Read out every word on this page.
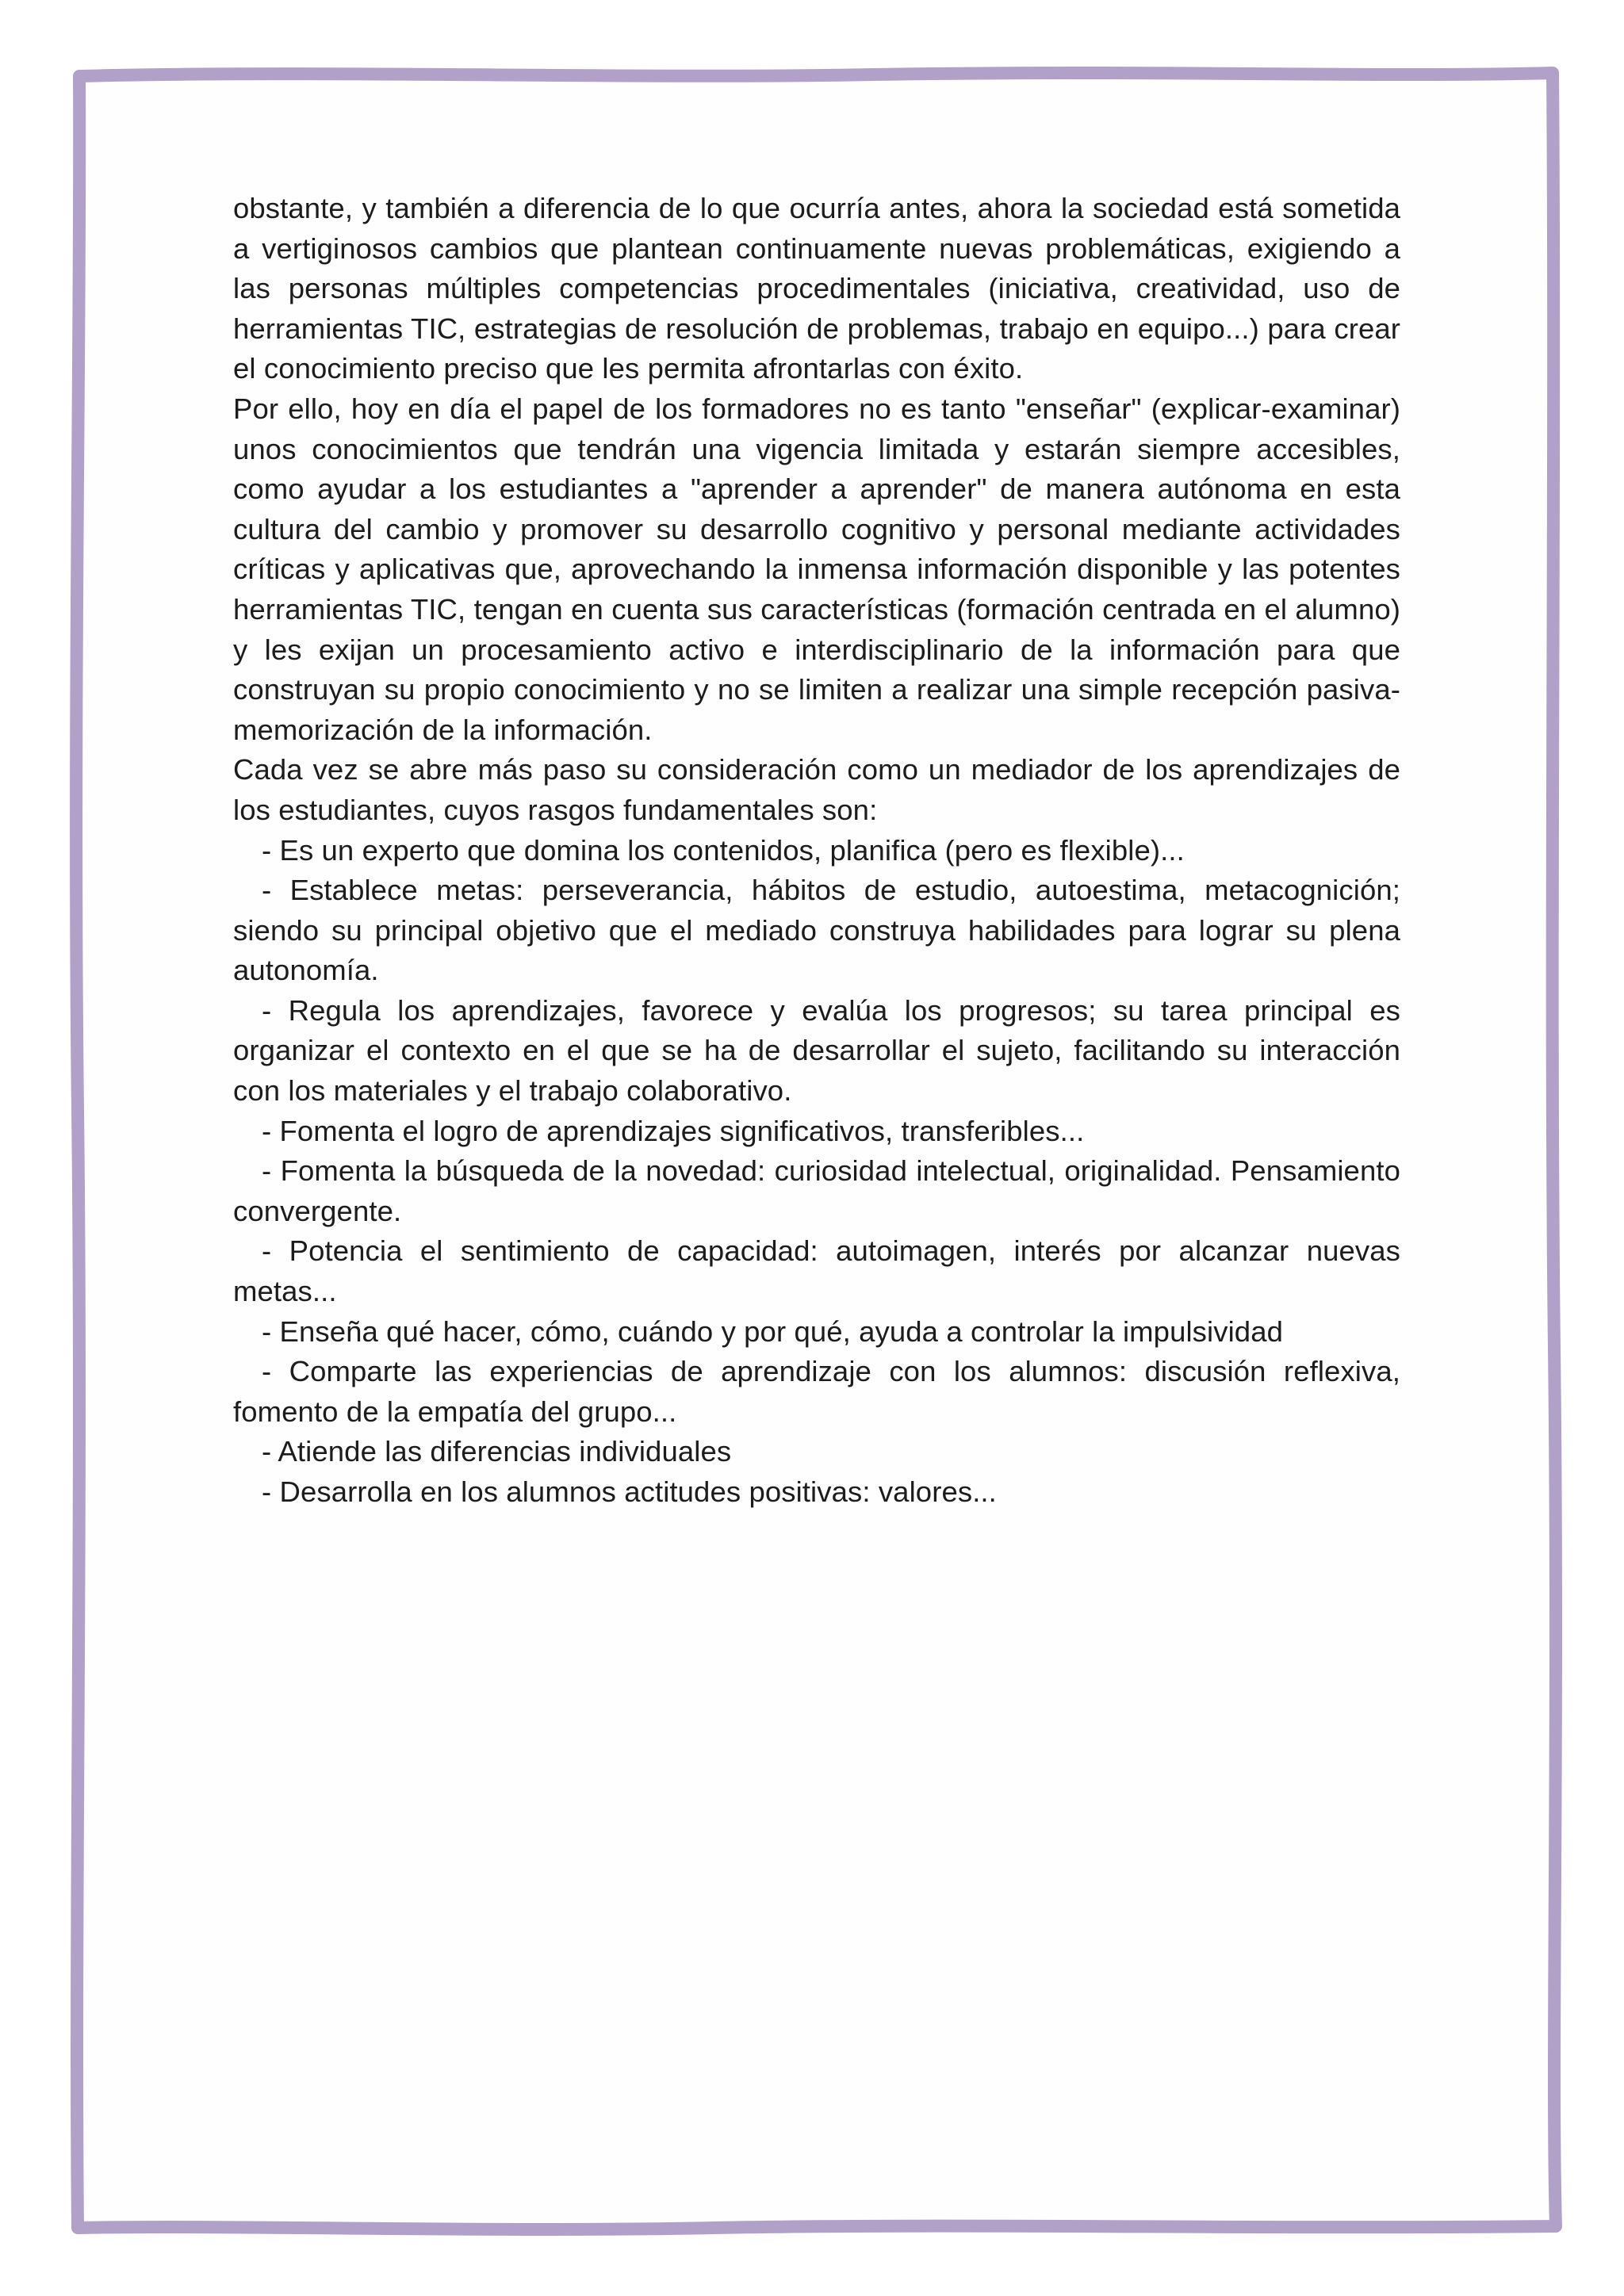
obstante, y también a diferencia de lo que ocurría antes, ahora la sociedad está sometida a vertiginosos cambios que plantean continuamente nuevas problemáticas, exigiendo a las personas múltiples competencias procedimentales (iniciativa, creatividad, uso de herramientas TIC, estrategias de resolución de problemas, trabajo en equipo...) para crear el conocimiento preciso que les permita afrontarlas con éxito.

Por ello, hoy en día el papel de los formadores no es tanto "enseñar" (explicar-examinar) unos conocimientos que tendrán una vigencia limitada y estarán siempre accesibles, como ayudar a los estudiantes a "aprender a aprender" de manera autónoma en esta cultura del cambio y promover su desarrollo cognitivo y personal mediante actividades críticas y aplicativas que, aprovechando la inmensa información disponible y las potentes herramientas TIC, tengan en cuenta sus características (formación centrada en el alumno) y les exijan un procesamiento activo e interdisciplinario de la información para que construyan su propio conocimiento y no se limiten a realizar una simple recepción pasiva-memorización de la información.

Cada vez se abre más paso su consideración como un mediador de los aprendizajes de los estudiantes, cuyos rasgos fundamentales son:

- Es un experto que domina los contenidos, planifica (pero es flexible)...

- Establece metas: perseverancia, hábitos de estudio, autoestima, metacognición; siendo su principal objetivo que el mediado construya habilidades para lograr su plena autonomía.

- Regula los aprendizajes, favorece y evalúa los progresos; su tarea principal es organizar el contexto en el que se ha de desarrollar el sujeto, facilitando su interacción con los materiales y el trabajo colaborativo.

- Fomenta el logro de aprendizajes significativos, transferibles...

- Fomenta la búsqueda de la novedad: curiosidad intelectual, originalidad. Pensamiento convergente.

- Potencia el sentimiento de capacidad: autoimagen, interés por alcanzar nuevas metas...

- Enseña qué hacer, cómo, cuándo y por qué, ayuda a controlar la impulsividad

- Comparte las experiencias de aprendizaje con los alumnos: discusión reflexiva, fomento de la empatía del grupo...

- Atiende las diferencias individuales

- Desarrolla en los alumnos actitudes positivas: valores...
